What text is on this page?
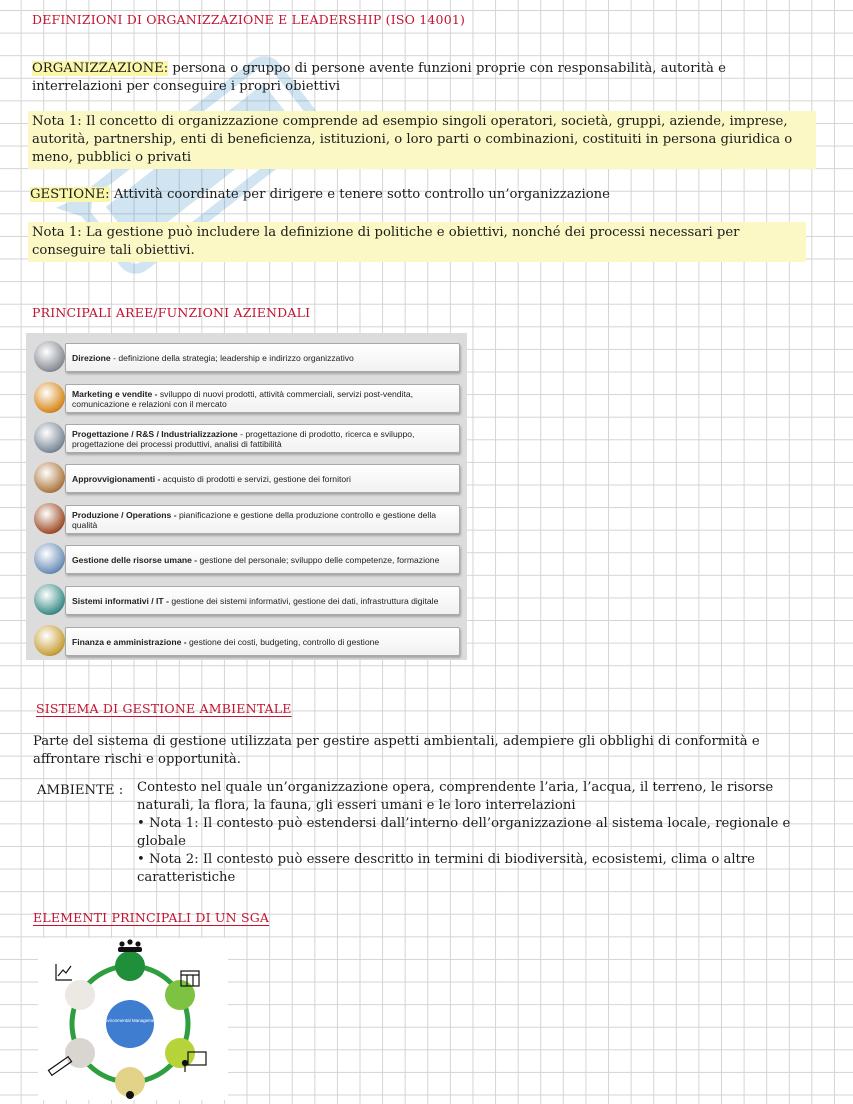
DEFINIZIONI DI ORGANIZZAZIONE E LEADERSHIP (ISO 14001)
ORGANIZZAZIONE: persona o gruppo di persone avente funzioni proprie con responsabilità, autorità e interrelazioni per conseguire i propri obiettivi
Nota 1: Il concetto di organizzazione comprende ad esempio singoli operatori, società, gruppi, aziende, imprese, autorità, partnership, enti di beneficienza, istituzioni, o loro parti o combinazioni, costituiti in persona giuridica o meno, pubblici o privati
GESTIONE: Attività coordinate per dirigere e tenere sotto controllo un’organizzazione
Nota 1: La gestione può includere la definizione di politiche e obiettivi, nonché dei processi necessari per conseguire tali obiettivi.
PRINCIPALI AREE/FUNZIONI AZIENDALI
Direzione - definizione della strategia; leadership e indirizzo organizzativo
Marketing e vendite - sviluppo di nuovi prodotti, attività commerciali, servizi post-vendita, comunicazione e relazioni con il mercato
Progettazione / R&S / Industrializzazione - progettazione di prodotto, ricerca e sviluppo, progettazione dei processi produttivi, analisi di fattibilità
Approvvigionamenti - acquisto di prodotti e servizi, gestione dei fornitori
Produzione / Operations - pianificazione e gestione della produzione controllo e gestione della qualità
Gestione delle risorse umane - gestione del personale; sviluppo delle competenze, formazione
Sistemi informativi / IT - gestione dei sistemi informativi, gestione dei dati, infrastruttura digitale
Finanza e amministrazione - gestione dei costi, budgeting, controllo di gestione
SISTEMA DI GESTIONE AMBIENTALE
Parte del sistema di gestione utilizzata per gestire aspetti ambientali, adempiere gli obblighi di conformità e affrontare rischi e opportunità.
AMBIENTE : Contesto nel quale un’organizzazione opera, comprendente l’aria, l’acqua, il terreno, le risorse naturali, la flora, la fauna, gli esseri umani e le loro interrelazioni
• Nota 1: Il contesto può estendersi dall’interno dell’organizzazione al sistema locale, regionale e globale
• Nota 2: Il contesto può essere descritto in termini di biodiversità, ecosistemi, clima o altre caratteristiche
ELEMENTI PRINCIPALI DI UN SGA
Environmental Management
